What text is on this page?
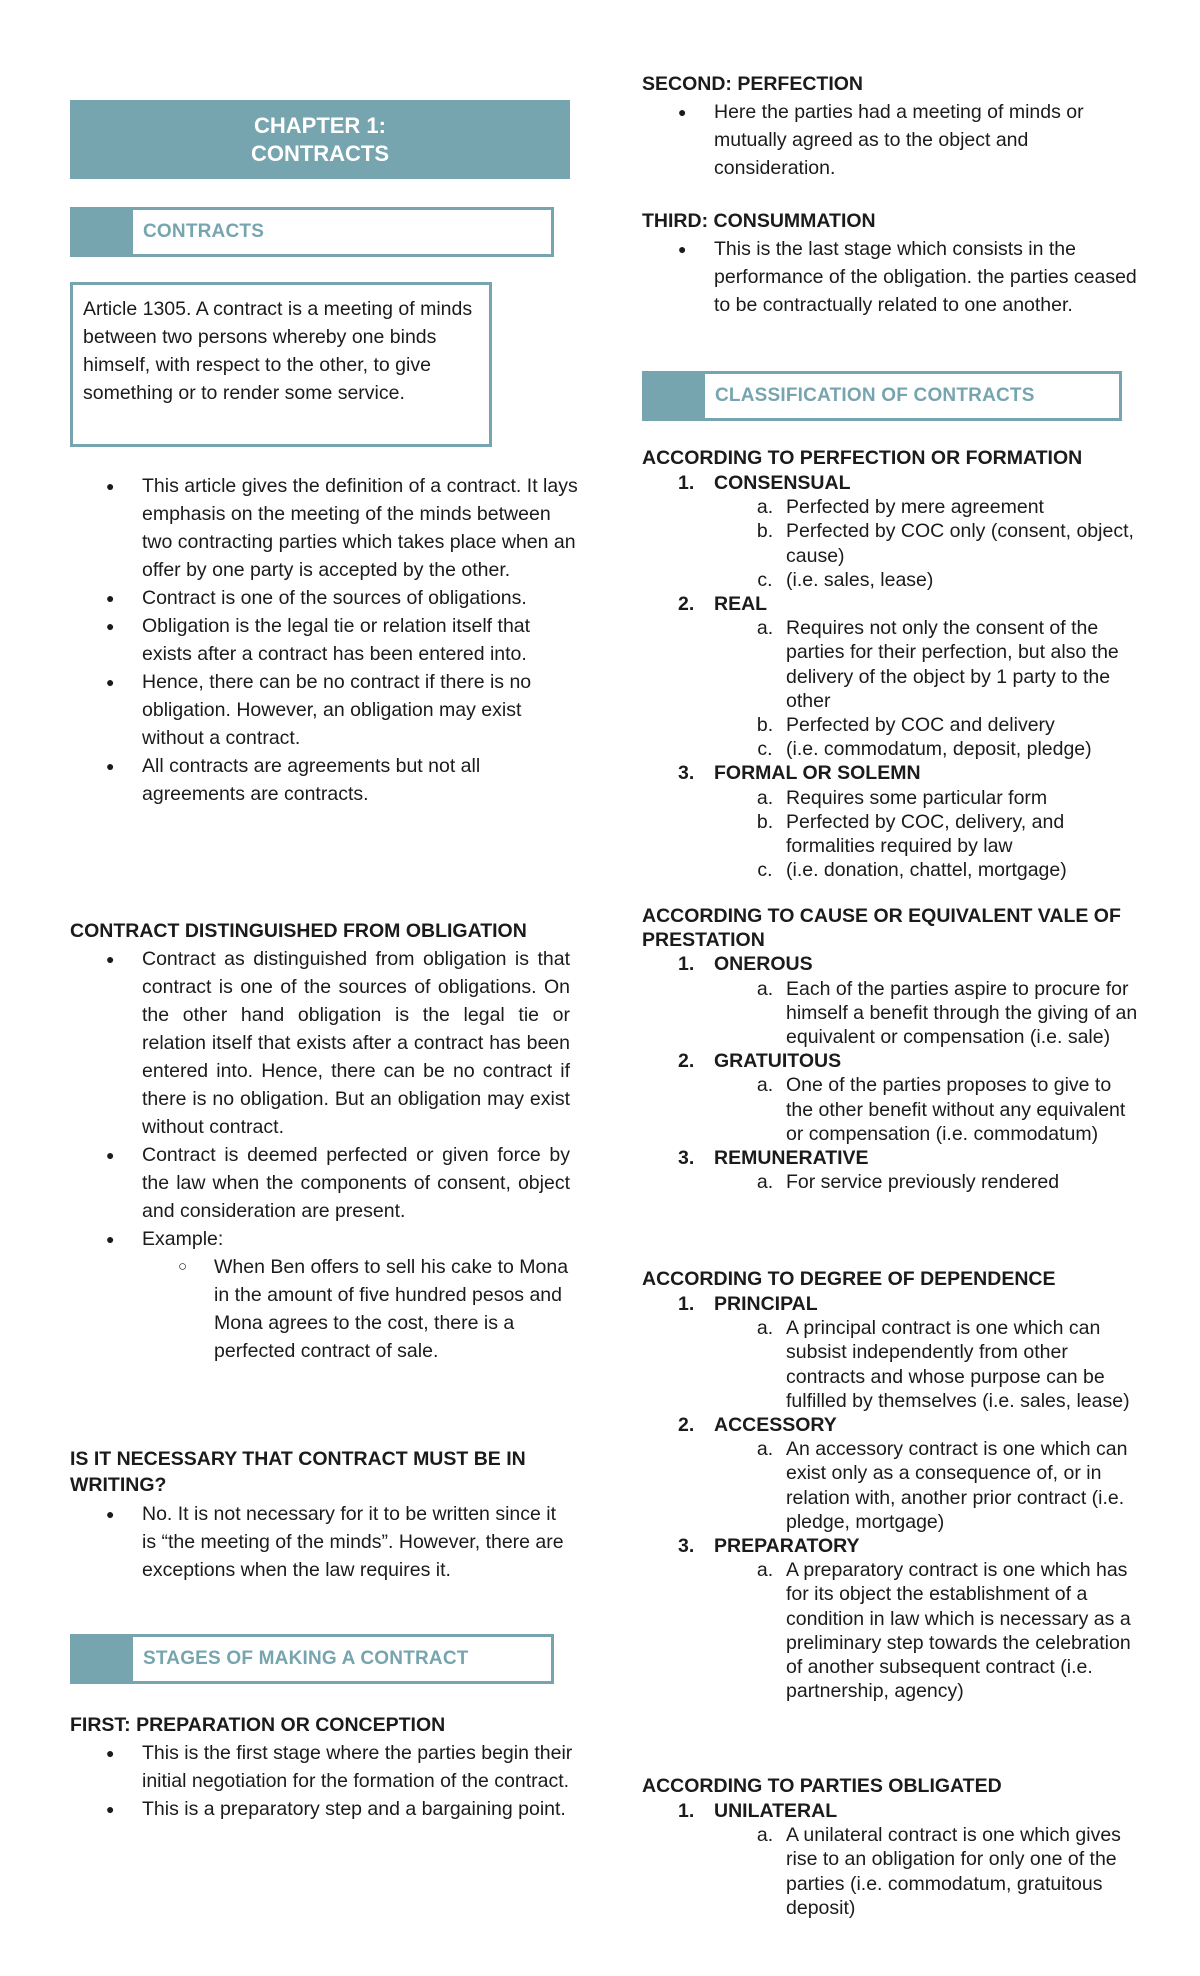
CHAPTER 1:
CONTRACTS
CONTRACTS
Article 1305. A contract is a meeting of minds between two persons whereby one binds himself, with respect to the other, to give something or to render some service.
● This article gives the definition of a contract. It lays emphasis on the meeting of the minds between two contracting parties which takes place when an offer by one party is accepted by the other.
● Contract is one of the sources of obligations.
● Obligation is the legal tie or relation itself that exists after a contract has been entered into.
● Hence, there can be no contract if there is no obligation. However, an obligation may exist without a contract.
● All contracts are agreements but not all agreements are contracts.
CONTRACT DISTINGUISHED FROM OBLIGATION
● Contract as distinguished from obligation is that contract is one of the sources of obligations. On the other hand obligation is the legal tie or relation itself that exists after a contract has been entered into. Hence, there can be no contract if there is no obligation. But an obligation may exist without contract.
● Contract is deemed perfected or given force by the law when the components of consent, object and consideration are present.
● Example:
○ When Ben offers to sell his cake to Mona in the amount of five hundred pesos and Mona agrees to the cost, there is a perfected contract of sale.
IS IT NECESSARY THAT CONTRACT MUST BE IN WRITING?
● No. It is not necessary for it to be written since it is “the meeting of the minds”. However, there are exceptions when the law requires it.
STAGES OF MAKING A CONTRACT
FIRST: PREPARATION OR CONCEPTION
● This is the first stage where the parties begin their initial negotiation for the formation of the contract.
● This is a preparatory step and a bargaining point.
SECOND: PERFECTION
● Here the parties had a meeting of minds or mutually agreed as to the object and consideration.
THIRD: CONSUMMATION
● This is the last stage which consists in the performance of the obligation. the parties ceased to be contractually related to one another.
CLASSIFICATION OF CONTRACTS
ACCORDING TO PERFECTION OR FORMATION
1. CONSENSUAL
a. Perfected by mere agreement
b. Perfected by COC only (consent, object, cause)
c. (i.e. sales, lease)
2. REAL
a. Requires not only the consent of the parties for their perfection, but also the delivery of the object by 1 party to the other
b. Perfected by COC and delivery
c. (i.e. commodatum, deposit, pledge)
3. FORMAL OR SOLEMN
a. Requires some particular form
b. Perfected by COC, delivery, and formalities required by law
c. (i.e. donation, chattel, mortgage)
ACCORDING TO CAUSE OR EQUIVALENT VALE OF PRESTATION
1. ONEROUS
a. Each of the parties aspire to procure for himself a benefit through the giving of an equivalent or compensation (i.e. sale)
2. GRATUITOUS
a. One of the parties proposes to give to the other benefit without any equivalent or compensation (i.e. commodatum)
3. REMUNERATIVE
a. For service previously rendered
ACCORDING TO DEGREE OF DEPENDENCE
1. PRINCIPAL
a. A principal contract is one which can subsist independently from other contracts and whose purpose can be fulfilled by themselves (i.e. sales, lease)
2. ACCESSORY
a. An accessory contract is one which can exist only as a consequence of, or in relation with, another prior contract (i.e. pledge, mortgage)
3. PREPARATORY
a. A preparatory contract is one which has for its object the establishment of a condition in law which is necessary as a preliminary step towards the celebration of another subsequent contract (i.e. partnership, agency)
ACCORDING TO PARTIES OBLIGATED
1. UNILATERAL
a. A unilateral contract is one which gives rise to an obligation for only one of the parties (i.e. commodatum, gratuitous deposit)
